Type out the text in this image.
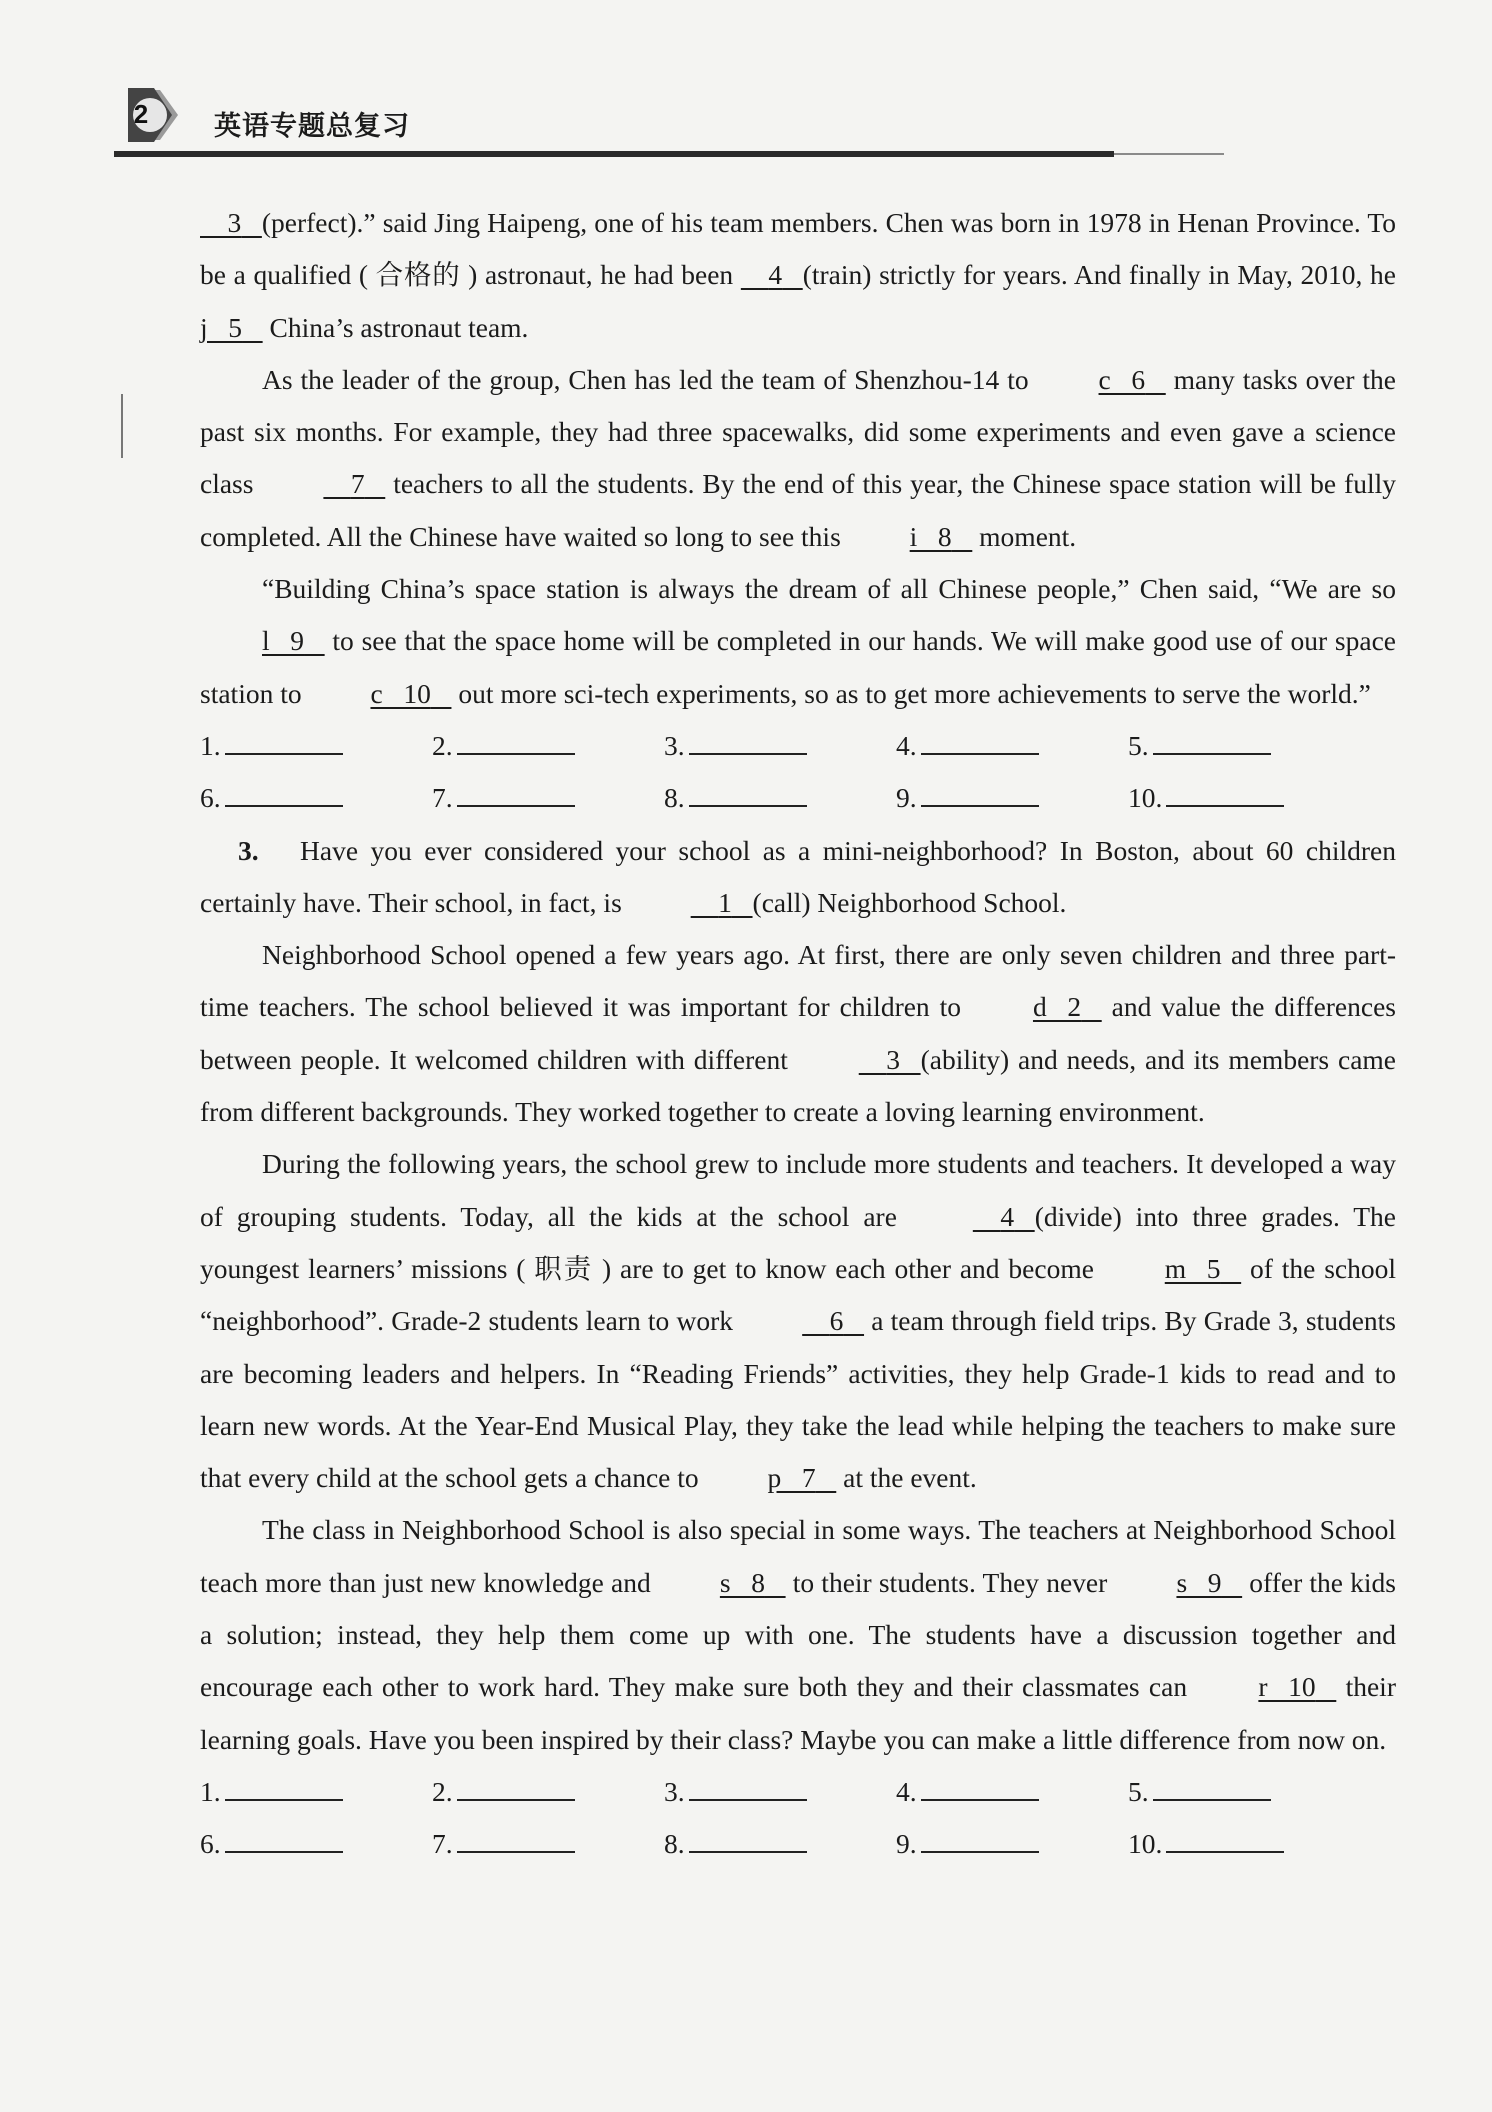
2	英语专题总复习

3 (perfect).” said Jing Haipeng, one of his team members. Chen was born in 1978 in Henan Province. To be a qualified ( 合格的 ) astronaut, he had been     4 (train) strictly for years. And finally in May, 2010, he j   5    China’s astronaut team.

As the leader of the group, Chen has led the team of Shenzhou-14 to c   6    many tasks over the past six months. For example, they had three spacewalks, did some experiments and even gave a science class	7    teachers to all the students. By the end of this year, the Chinese space station will be fully completed. All the Chinese have waited so long to see this i   8    moment.

“Building China’s space station is always the dream of all Chinese people,” Chen said, “We are so l   9    to see that the space home will be completed in our hands. We will make good use of our space station to c   10    out more sci-tech experiments, so as to get more achievements to serve the world.”

1.	2.	3.	4.	5.
6.	7.	8.	9.	10.

3. Have you ever considered your school as a mini-neighborhood? In Boston, about 60 children certainly have. Their school, in fact, is	1 (call) Neighborhood School.

Neighborhood School opened a few years ago. At first, there are only seven children and three part-time teachers. The school believed it was important for children to d   2    and value the differences between people. It welcomed children with different	3 (ability) and needs, and its members came from different backgrounds. They worked together to create a loving learning environment.

During the following years, the school grew to include more students and teachers. It developed a way of grouping students. Today, all the kids at the school are	4 (divide) into three grades. The youngest learners’ missions ( 职责 ) are to get to know each other and become m   5    of the school “neighborhood”. Grade-2 students learn to work	6    a team through field trips. By Grade 3, students are becoming leaders and helpers. In “Reading Friends” activities, they help Grade-1 kids to read and to learn new words. At the Year-End Musical Play, they take the lead while helping the teachers to make sure that every child at the school gets a chance to p   7    at the event.

The class in Neighborhood School is also special in some ways. The teachers at Neighborhood School teach more than just new knowledge and s   8    to their students. They never s   9    offer the kids a solution; instead, they help them come up with one. The students have a discussion together and encourage each other to work hard. They make sure both they and their classmates can r   10    their learning goals. Have you been inspired by their class? Maybe you can make a little difference from now on.

1.	2.	3.	4.	5.
6.	7.	8.	9.	10.
